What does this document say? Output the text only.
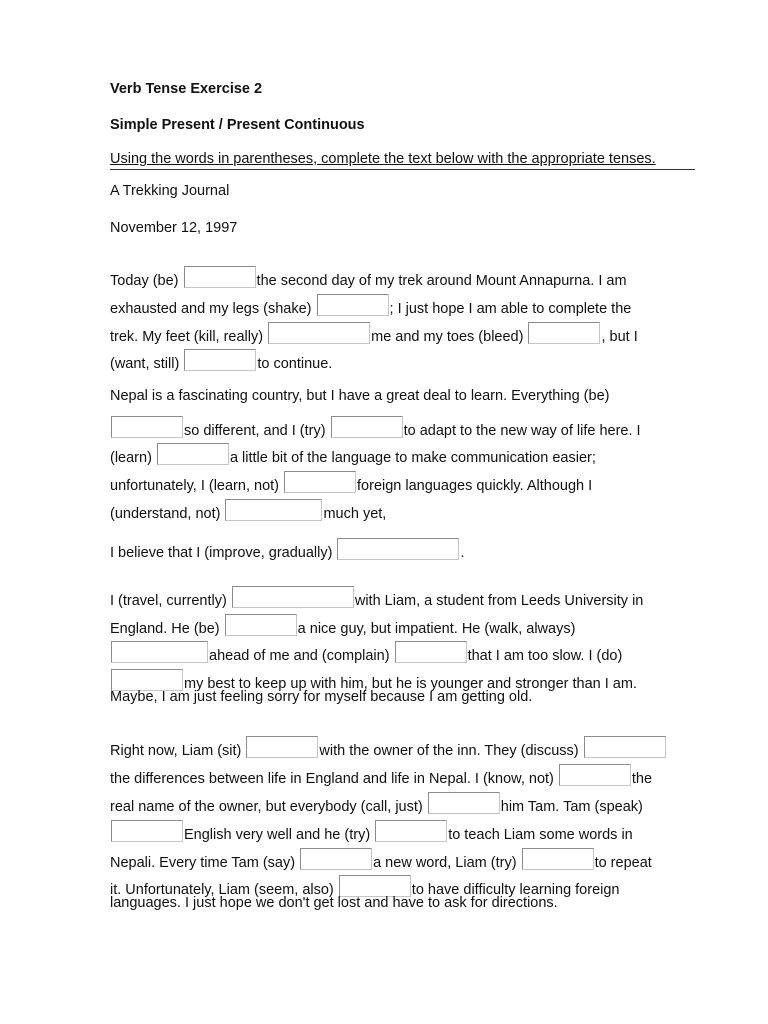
Verb Tense Exercise 2
Simple Present / Present Continuous
Using the words in parentheses, complete the text below with the appropriate tenses.
A Trekking Journal
November 12, 1997
Today (be)	the second day of my trek around Mount Annapurna. I am
exhausted and my legs (shake)	; I just hope I am able to complete the
trek. My feet (kill, really)	me and my toes (bleed)	, but I
(want, still)	to continue.
Nepal is a fascinating country, but I have a great deal to learn. Everything (be)
so different, and I (try)	to adapt to the new way of life here. I
(learn)	a little bit of the language to make communication easier;
unfortunately, I (learn, not)	foreign languages quickly. Although I
(understand, not)	much yet,
I believe that I (improve, gradually)	.
I (travel, currently)	with Liam, a student from Leeds University in
England. He (be)	a nice guy, but impatient. He (walk, always)
ahead of me and (complain)	that I am too slow. I (do)
my best to keep up with him, but he is younger and stronger than I am.
Maybe, I am just feeling sorry for myself because I am getting old.
Right now, Liam (sit)	with the owner of the inn. They (discuss)
the differences between life in England and life in Nepal. I (know, not)	the
real name of the owner, but everybody (call, just)	him Tam. Tam (speak)
English very well and he (try)	to teach Liam some words in
Nepali. Every time Tam (say)	a new word, Liam (try)	to repeat
it. Unfortunately, Liam (seem, also)	to have difficulty learning foreign
languages. I just hope we don't get lost and have to ask for directions.
